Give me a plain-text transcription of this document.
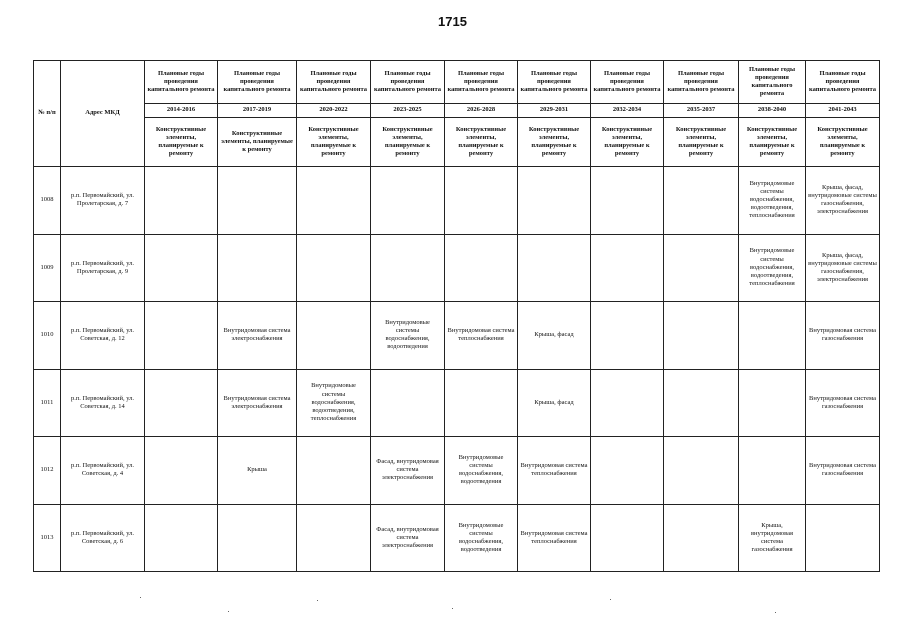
1715
№ п/п	Адрес МКД	Плановые годы проведения капитального ремонта	Плановые годы проведения капитального ремонта	Плановые годы проведения капитального ремонта	Плановые годы проведения капитального ремонта	Плановые годы проведения капитального ремонта	Плановые годы проведения капитального ремонта	Плановые годы проведения капитального ремонта	Плановые годы проведения капитального ремонта	Плановые годы проведения капитального ремонта	Плановые годы проведения капитального ремонта
		2014-2016	2017-2019	2020-2022	2023-2025	2026-2028	2029-2031	2032-2034	2035-2037	2038-2040	2041-2043
		Конструктивные элементы, планируемые к ремонту	Конструктивные элементы, планируемые к ремонту	Конструктивные элементы, планируемые к ремонту	Конструктивные элементы, планируемые к ремонту	Конструктивные элементы, планируемые к ремонту	Конструктивные элементы, планируемые к ремонту	Конструктивные элементы, планируемые к ремонту	Конструктивные элементы, планируемые к ремонту	Конструктивные элементы, планируемые к ремонту	Конструктивные элементы, планируемые к ремонту
1008	р.п. Первомайский, ул. Пролетарская, д. 7									Внутридомовые системы водоснабжения, водоотведения, теплоснабжения	Крыша, фасад, внутридомовые системы газоснабжения, электроснабжения
1009	р.п. Первомайский, ул. Пролетарская, д. 9									Внутридомовые системы водоснабжения, водоотведения, теплоснабжения	Крыша, фасад, внутридомовые системы газоснабжения, электроснабжения
1010	р.п. Первомайский, ул. Советская, д. 12		Внутридомовая система электроснабжения		Внутридомовые системы водоснабжения, водоотведения	Внутридомовая система теплоснабжения	Крыша, фасад				Внутридомовая система газоснабжения
1011	р.п. Первомайский, ул. Советская, д. 14		Внутридомовая система электроснабжения	Внутридомовые системы водоснабжения, водоотведения, теплоснабжения			Крыша, фасад				Внутридомовая система газоснабжения
1012	р.п. Первомайский, ул. Советская, д. 4		Крыша		Фасад, внутридомовая система электроснабжения	Внутридомовые системы водоснабжения, водоотведения	Внутридомовая система теплоснабжения				Внутридомовая система газоснабжения
1013	р.п. Первомайский, ул. Советская, д. 6				Фасад, внутридомовая система электроснабжения	Внутридомовые системы водоснабжения, водоотведения	Внутридомовая система теплоснабжения			Крыша, внутридомовая система газоснабжения	
